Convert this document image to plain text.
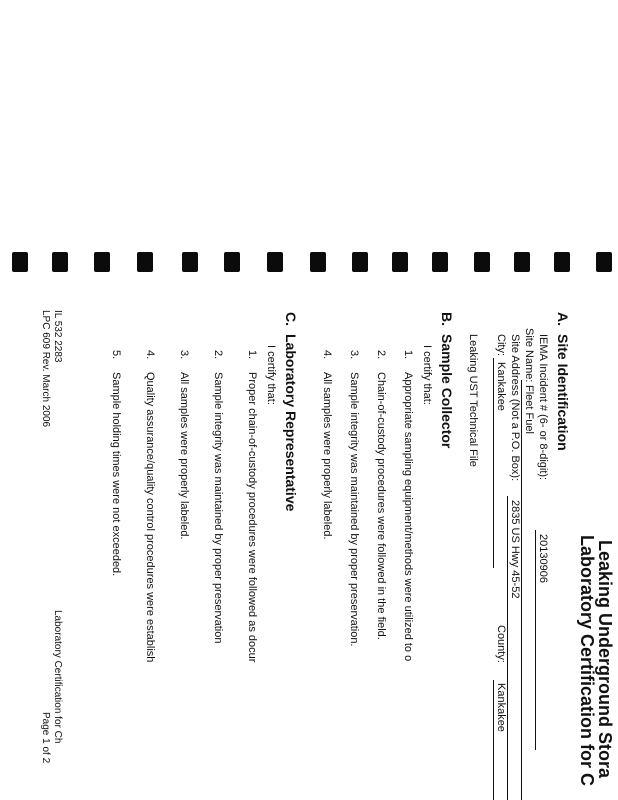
Leaking Underground Stora
Laboratory Certification for C
A.
Site Identification
IEMA Incident # (6- or 8-digit):
20130906
Site Name:
Fleet Fuel
Site Address (Not a P.O. Box):
2835 US Hwy 45-52
City:
Kankakee
County:
Kankakee
Leaking UST Technical File
B.
Sample Collector
I certify that:
1.
Appropriate sampling equipment/methods were utilized to o
2.
Chain-of-custody procedures were followed in the field.
3.
Sample integrity was maintained by proper preservation.
4.
All samples were properly labeled.
C.
Laboratory Representative
I certify that:
1.
Proper chain-of-custody procedures were followed as docur
2.
Sample integrity was maintained by proper preservation
3.
All samples were properly labeled.
4.
Quality assurance/quality control procedures were establish
5.
Sample holding times were not exceeded.
IL 532 2283
LPC 609 Rev. March 2006
Laboratory Certification for Ch
Page 1 of 2
